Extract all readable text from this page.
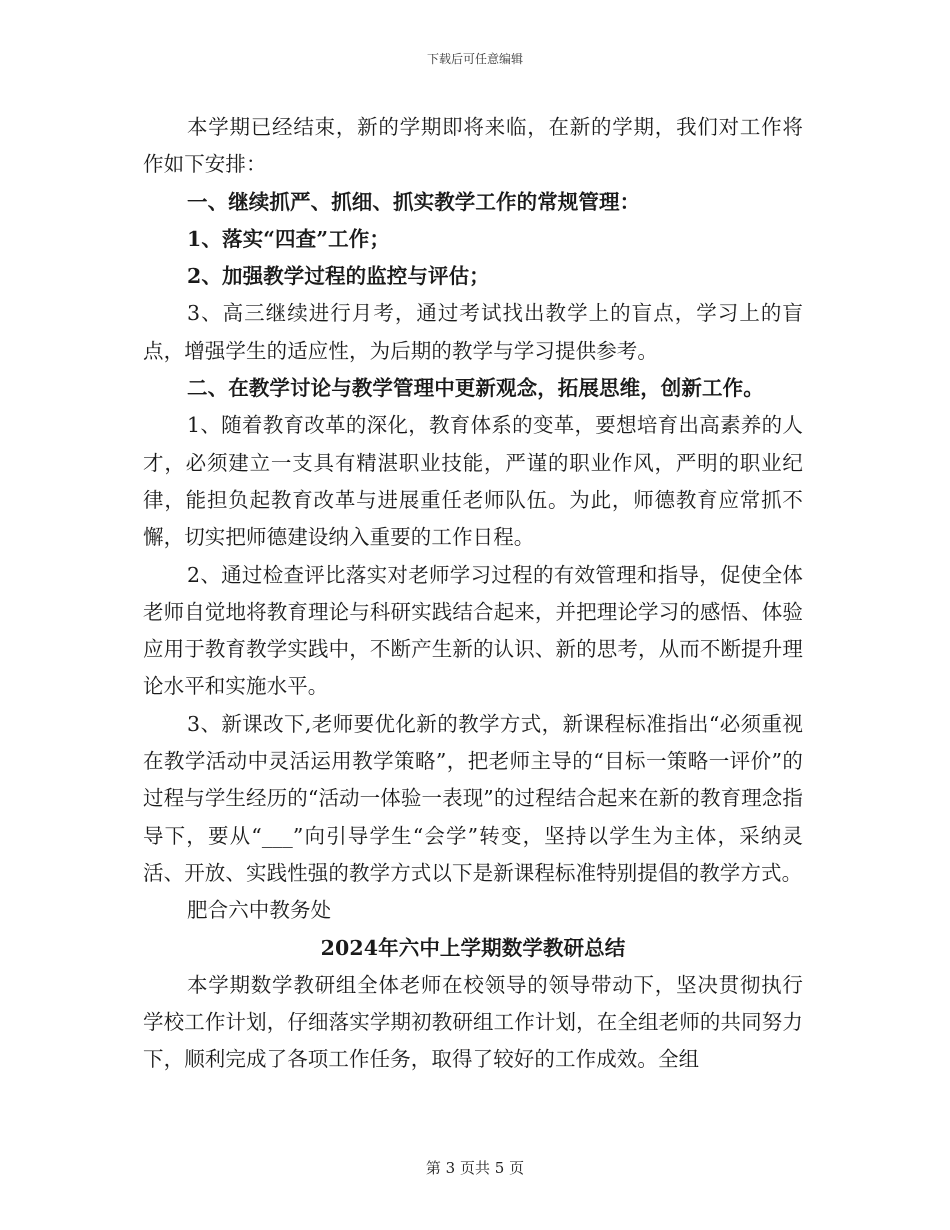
下载后可任意编辑

本学期已经结束，新的学期即将来临，在新的学期，我们对工作将作如下安排：

一、继续抓严、抓细、抓实教学工作的常规管理：

1、落实“四查”工作；

2、加强教学过程的监控与评估；

3、高三继续进行月考，通过考试找出教学上的盲点，学习上的盲点，增强学生的适应性，为后期的教学与学习提供参考。

二、在教学讨论与教学管理中更新观念，拓展思维，创新工作。

1、随着教育改革的深化，教育体系的变革，要想培育出高素养的人才，必须建立一支具有精湛职业技能，严谨的职业作风，严明的职业纪律，能担负起教育改革与进展重任老师队伍。为此，师德教育应常抓不懈，切实把师德建设纳入重要的工作日程。

2、通过检查评比落实对老师学习过程的有效管理和指导，促使全体老师自觉地将教育理论与科研实践结合起来，并把理论学习的感悟、体验应用于教育教学实践中，不断产生新的认识、新的思考，从而不断提升理论水平和实施水平。

3、新课改下,老师要优化新的教学方式，新课程标准指出“必须重视在教学活动中灵活运用教学策略”，把老师主导的“目标一策略一评价”的过程与学生经历的“活动一体验一表现”的过程结合起来在新的教育理念指导下，要从“___”向引导学生“会学”转变，坚持以学生为主体，采纳灵活、开放、实践性强的教学方式以下是新课程标准特别提倡的教学方式。

肥合六中教务处

2024年六中上学期数学教研总结

本学期数学教研组全体老师在校领导的领导带动下，坚决贯彻执行学校工作计划，仔细落实学期初教研组工作计划，在全组老师的共同努力下，顺利完成了各项工作任务，取得了较好的工作成效。全组

第 3 页共 5 页
